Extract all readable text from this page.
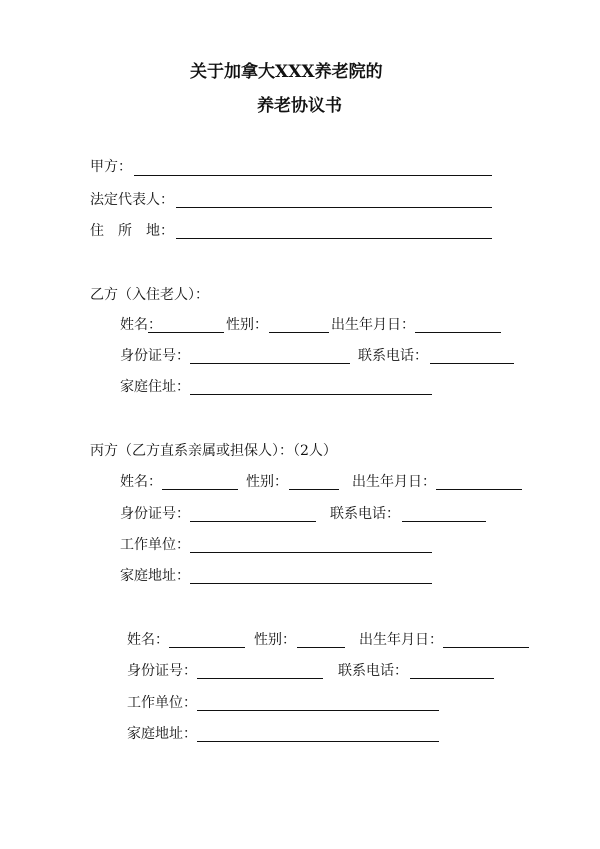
关于加拿大XXX养老院的
养老协议书
甲方：
法定代表人：
住　所　地：
乙方（入住老人）：
姓名：	性别：	出生年月日：
身份证号：	联系电话：
家庭住址：
丙方（乙方直系亲属或担保人）：（2人）
姓名：	性别：	出生年月日：
身份证号：	联系电话：
工作单位：
家庭地址：
姓名：	性别：	出生年月日：
身份证号：	联系电话：
工作单位：
家庭地址：
